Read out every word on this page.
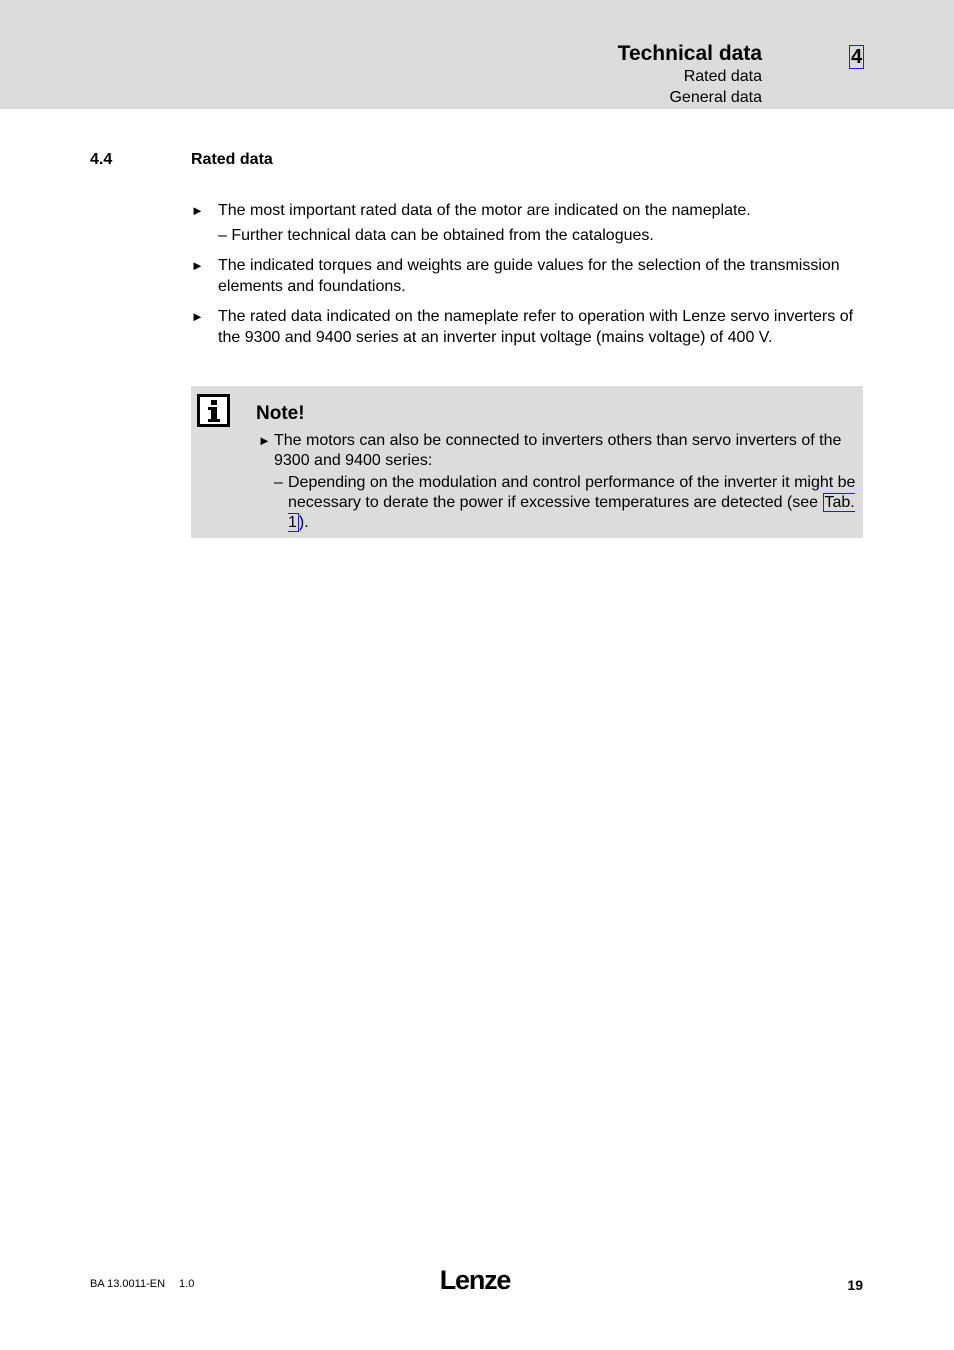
Technical data
Rated data
General data
4
4.4	Rated data
► The most important rated data of the motor are indicated on the nameplate.
– Further technical data can be obtained from the catalogues.
► The indicated torques and weights are guide values for the selection of the transmission elements and foundations.
► The rated data indicated on the nameplate refer to operation with Lenze servo inverters of the 9300 and 9400 series at an inverter input voltage (mains voltage) of 400 V.
Note!
► The motors can also be connected to inverters others than servo inverters of the 9300 and 9400 series:
– Depending on the modulation and control performance of the inverter it might be necessary to derate the power if excessive temperatures are detected (see Tab. 1 ).
BA 13.0011-EN 1.0	Lenze	19
